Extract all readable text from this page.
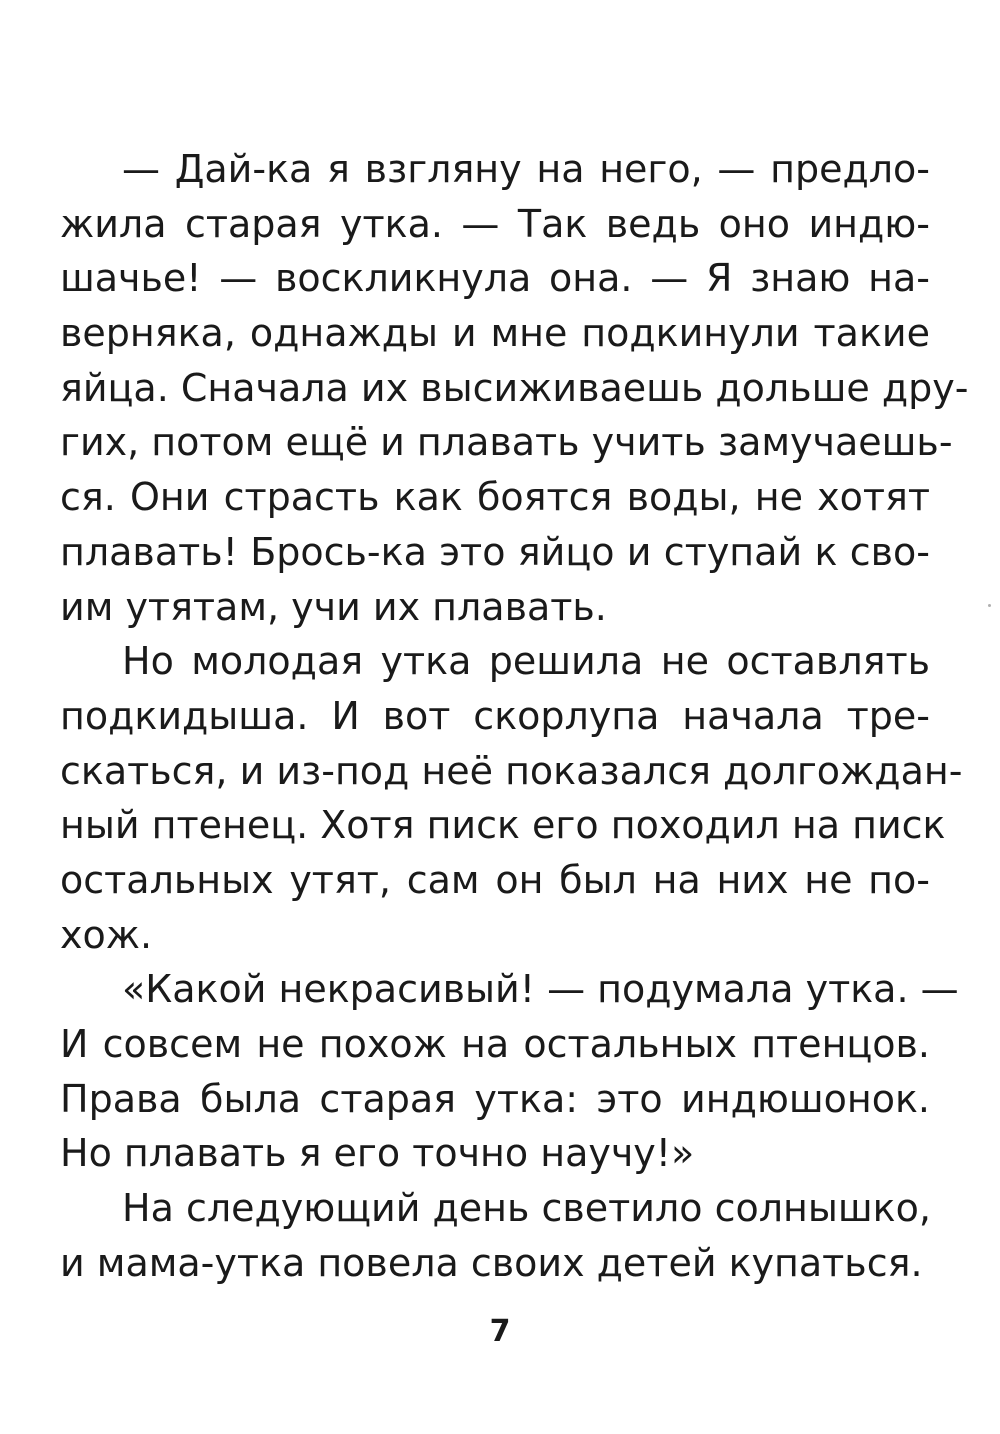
— Дай-ка я взгляну на него, — предло-
жила старая утка. — Так ведь оно индю-
шачье! — воскликнула она. — Я знаю на-
верняка, однажды и мне подкинули такие
яйца. Сначала их высиживаешь дольше дру-
гих, потом ещё и плавать учить замучаешь-
ся. Они страсть как боятся воды, не хотят
плавать! Брось-ка это яйцо и ступай к сво-
им утятам, учи их плавать.
Но молодая утка решила не оставлять
подкидыша. И вот скорлупа начала тре-
скаться, и из-под неё показался долгождан-
ный птенец. Хотя писк его походил на писк
остальных утят, сам он был на них не по-
хож.
«Какой некрасивый! — подумала утка. —
И совсем не похож на остальных птенцов.
Права была старая утка: это индюшонок.
Но плавать я его точно научу!»
На следующий день светило солнышко,
и мама-утка повела своих детей купаться.
7
